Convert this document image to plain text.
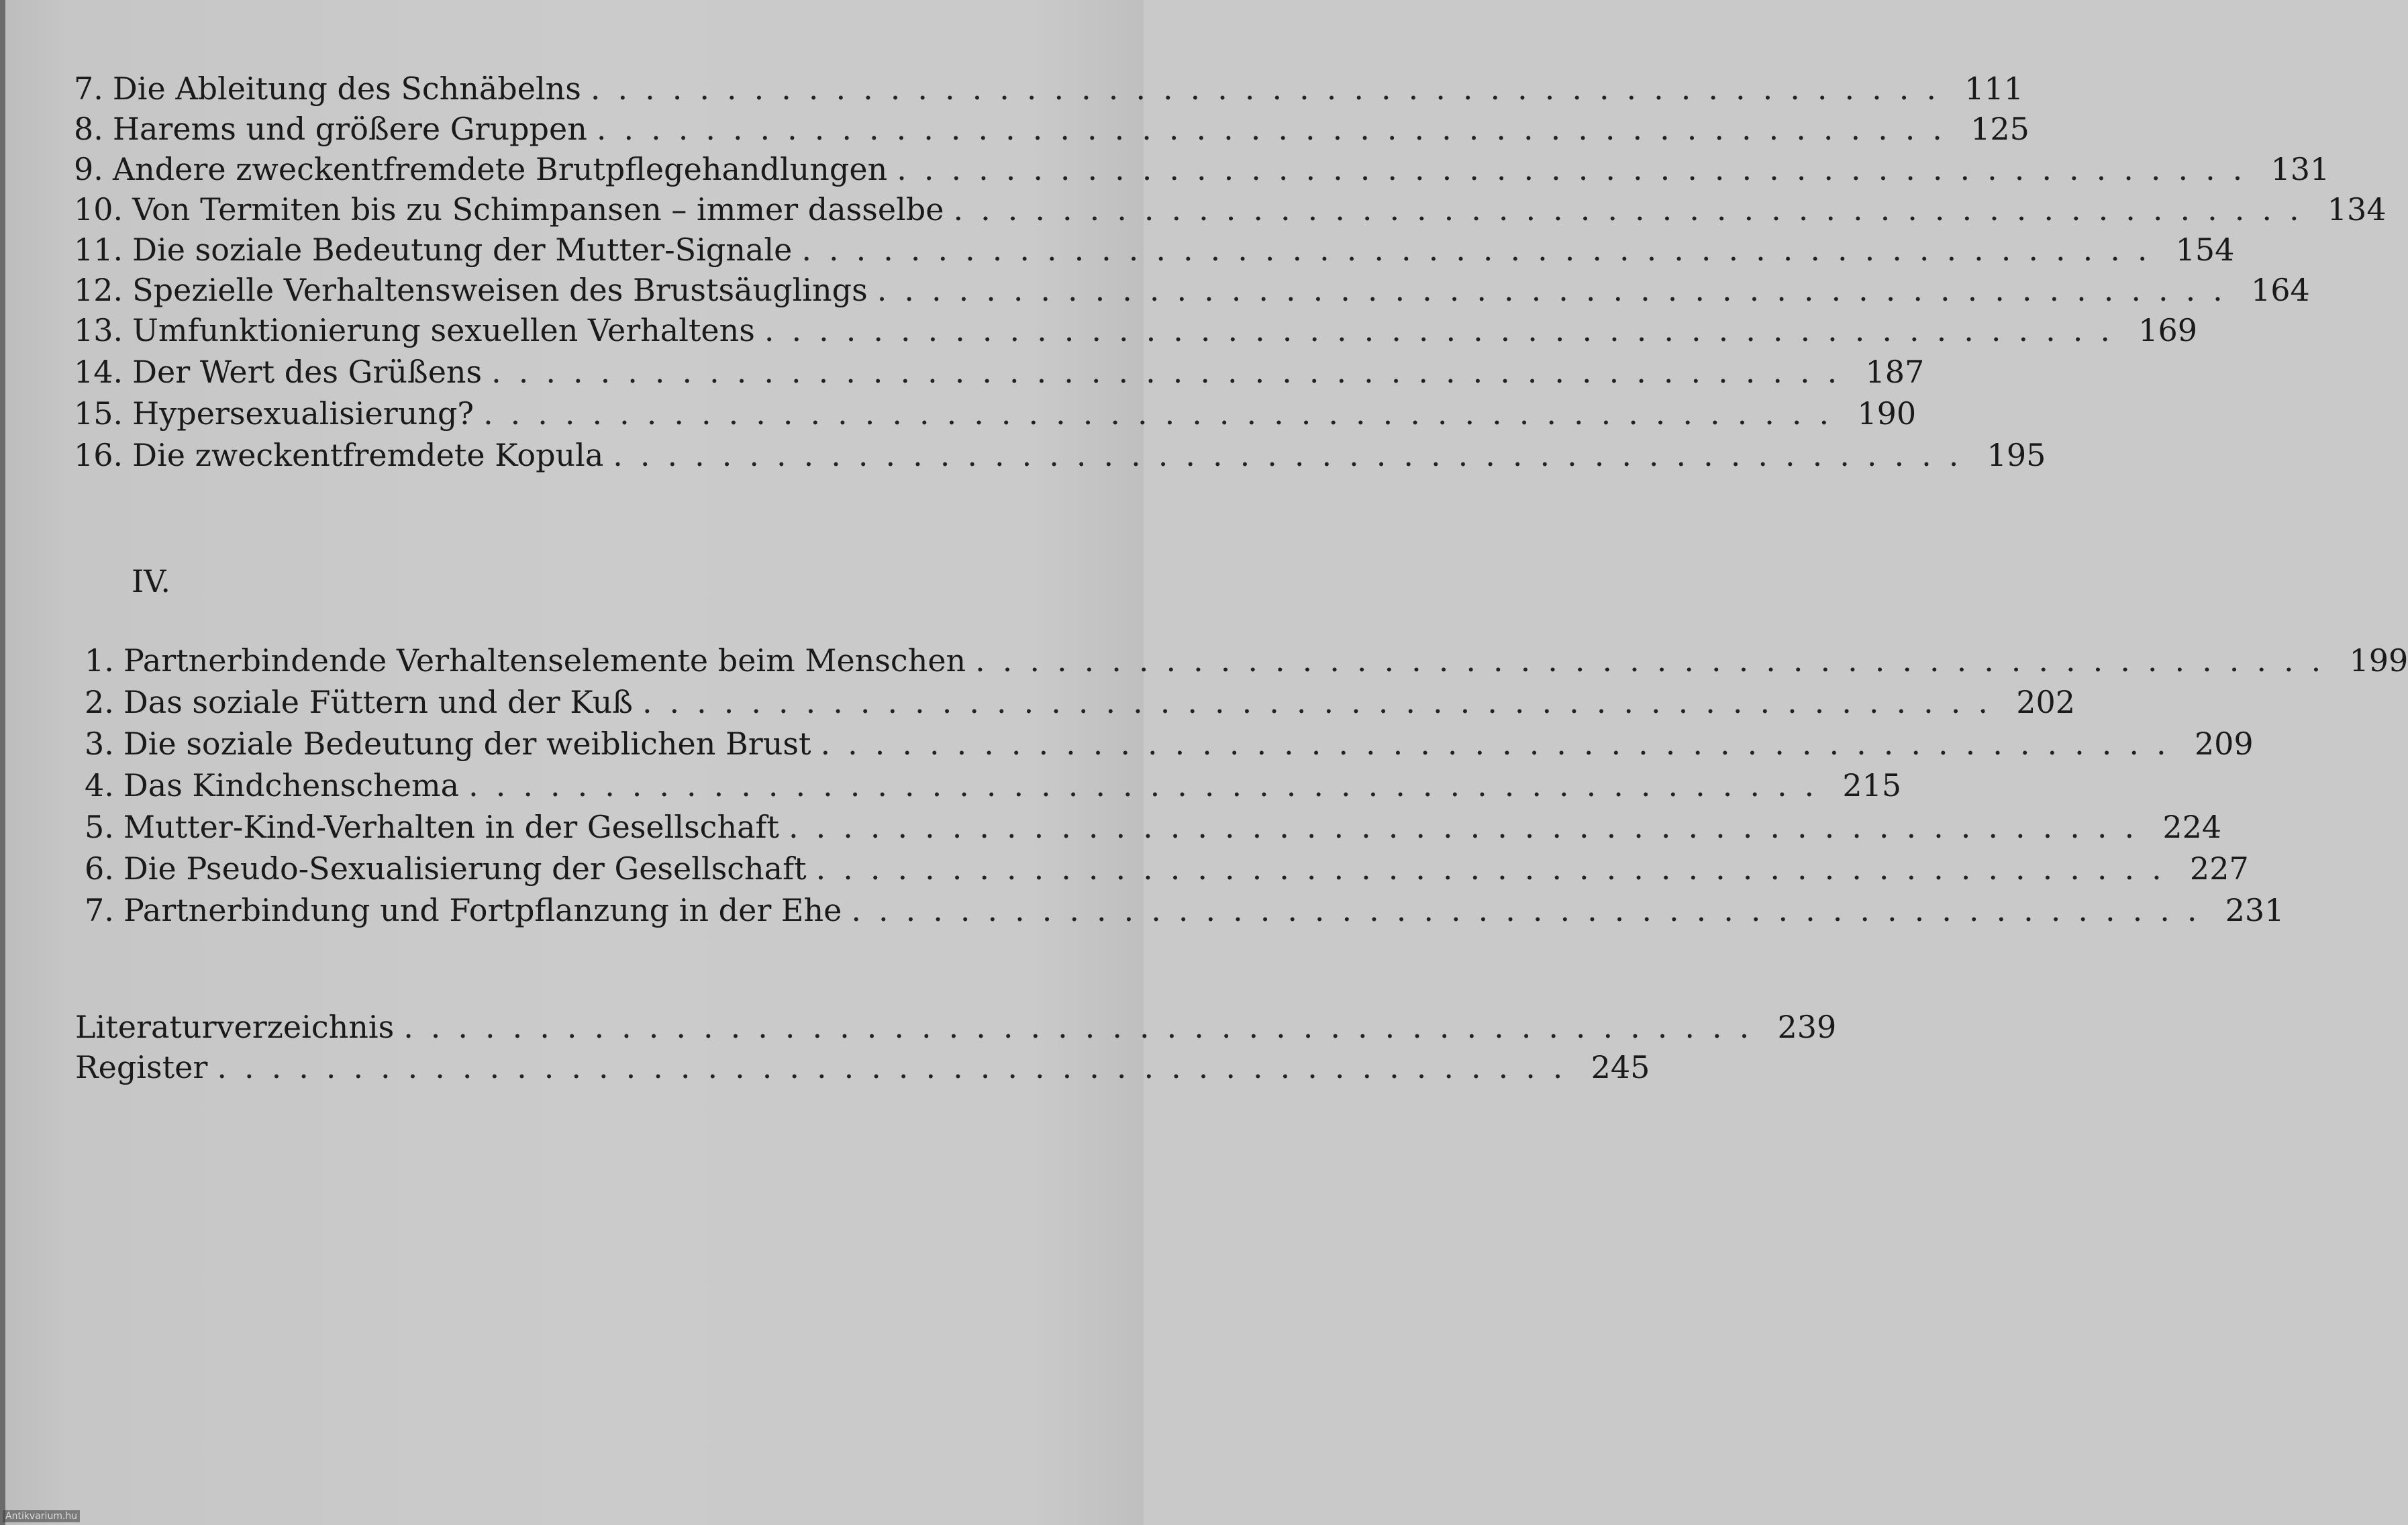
7. Die Ableitung des Schnäbelns .................................................. 111
8. Harems und größere Gruppen .................................................. 125
9. Andere zweckentfremdete Brutpflegehandlungen .................................................. 131
10. Von Termiten bis zu Schimpansen – immer dasselbe .................................................. 134
11. Die soziale Bedeutung der Mutter-Signale .................................................. 154
12. Spezielle Verhaltensweisen des Brustsäuglings .................................................. 164
13. Umfunktionierung sexuellen Verhaltens .................................................. 169
14. Der Wert des Grüßens .................................................. 187
15. Hypersexualisierung? .................................................. 190
16. Die zweckentfremdete Kopula .................................................. 195
IV.
1. Partnerbindende Verhaltenselemente beim Menschen .................................................. 199
2. Das soziale Füttern und der Kuß .................................................. 202
3. Die soziale Bedeutung der weiblichen Brust .................................................. 209
4. Das Kindchenschema .................................................. 215
5. Mutter-Kind-Verhalten in der Gesellschaft .................................................. 224
6. Die Pseudo-Sexualisierung der Gesellschaft .................................................. 227
7. Partnerbindung und Fortpflanzung in der Ehe .................................................. 231
Literaturverzeichnis .................................................. 239
Register .................................................. 245
Antikvarium.hu
